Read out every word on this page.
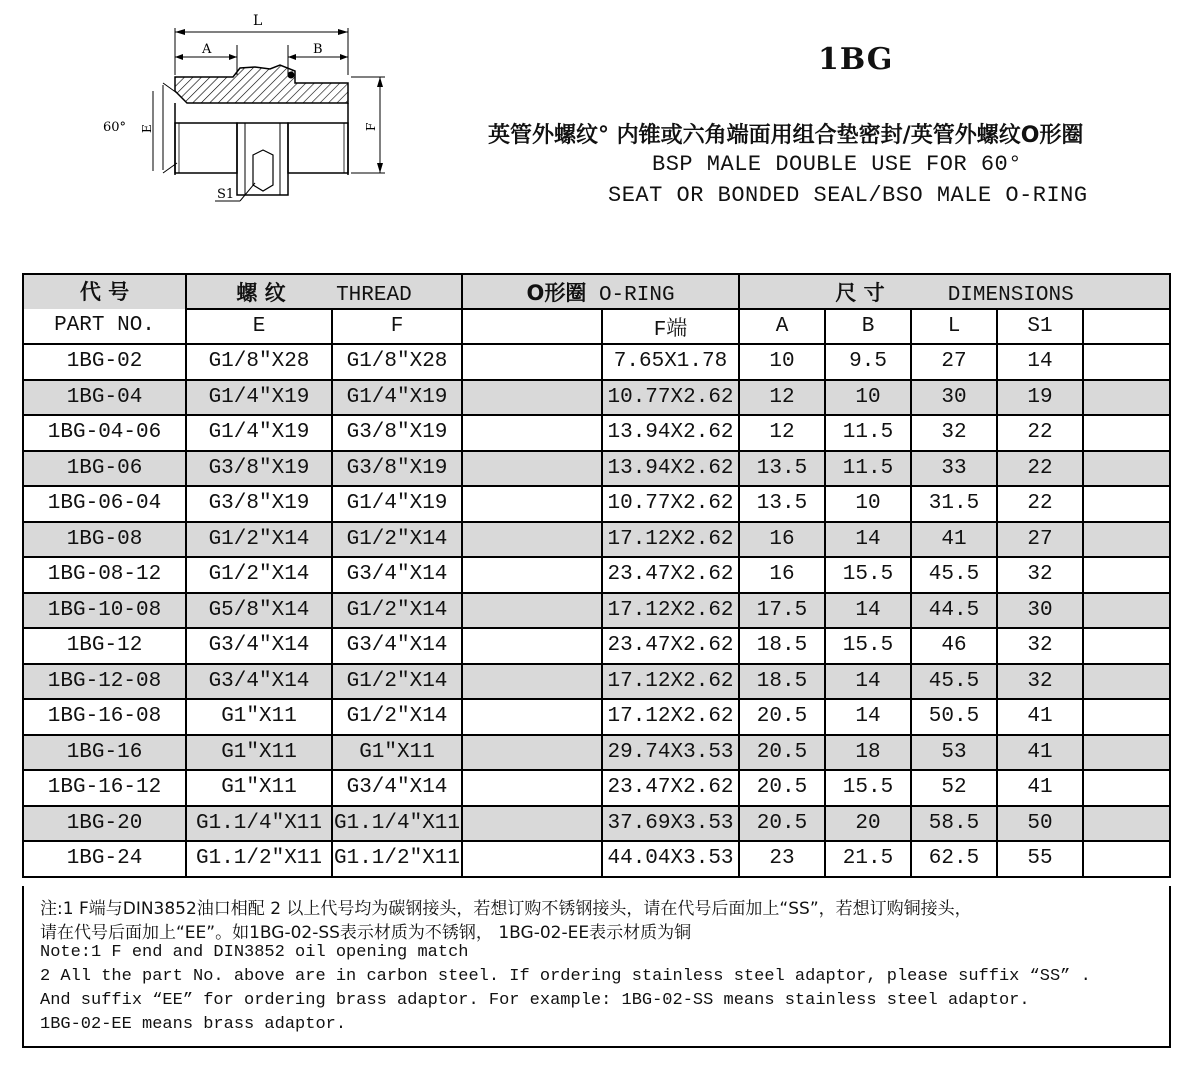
L
A	B
60° E	F
S1
1BG
英管外螺纹° 内锥或六角端面用组合垫密封/英管外螺纹O形圈
BSP MALE DOUBLE USE FOR 60°
SEAT OR BONDED SEAL/BSO MALE O-RING
代 号
PART NO.	螺 纹 THREAD		O形圈 O-RING		尺 寸 DIMENSIONS				
	E	F		F端	A	B	L	S1	
1BG-02	G1/8″X28	G1/8″X28		7.65X1.78	10	9.5	27	14	
1BG-04	G1/4″X19	G1/4″X19		10.77X2.62	12	10	30	19	
1BG-04-06	G1/4″X19	G3/8″X19		13.94X2.62	12	11.5	32	22	
1BG-06	G3/8″X19	G3/8″X19		13.94X2.62	13.5	11.5	33	22	
1BG-06-04	G3/8″X19	G1/4″X19		10.77X2.62	13.5	10	31.5	22	
1BG-08	G1/2″X14	G1/2″X14		17.12X2.62	16	14	41	27	
1BG-08-12	G1/2″X14	G3/4″X14		23.47X2.62	16	15.5	45.5	32	
1BG-10-08	G5/8″X14	G1/2″X14		17.12X2.62	17.5	14	44.5	30	
1BG-12	G3/4″X14	G3/4″X14		23.47X2.62	18.5	15.5	46	32	
1BG-12-08	G3/4″X14	G1/2″X14		17.12X2.62	18.5	14	45.5	32	
1BG-16-08	G1″X11	G1/2″X14		17.12X2.62	20.5	14	50.5	41	
1BG-16	G1″X11	G1″X11		29.74X3.53	20.5	18	53	41	
1BG-16-12	G1″X11	G3/4″X14		23.47X2.62	20.5	15.5	52	41	
1BG-20	G1.1/4″X11	G1.1/4″X11		37.69X3.53	20.5	20	58.5	50	
1BG-24	G1.1/2″X11	G1.1/2″X11		44.04X3.53	23	21.5	62.5	55	
注:1 F端与DIN3852油口相配 2 以上代号均为碳钢接头，若想订购不锈钢接头，请在代号后面加上“SS”，若想订购铜接头，
请在代号后面加上“EE”。如1BG-02-SS表示材质为不锈钢， 1BG-02-EE表示材质为铜
Note:1 F end and DIN3852 oil opening match
2 All the part No. above are in carbon steel. If ordering stainless steel adaptor, please suffix “SS” .
And suffix “EE” for ordering brass adaptor. For example: 1BG-02-SS means stainless steel adaptor.
1BG-02-EE means brass adaptor.
